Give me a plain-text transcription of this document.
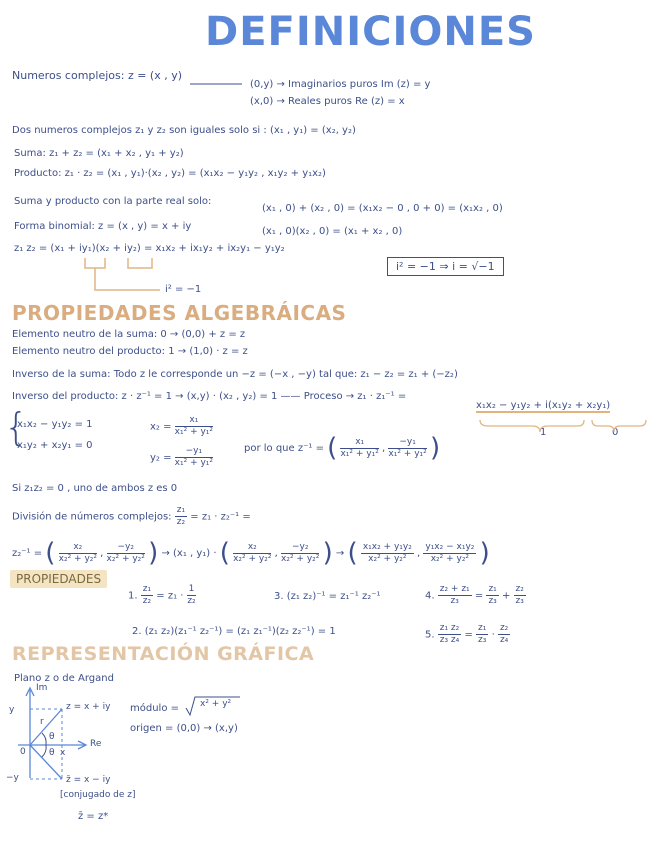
DEFINICIONES
Numeros complejos: z = (x , y)
(0,y) → Imaginarios puros Im (z) = y
(x,0) → Reales puros Re (z) = x
Dos numeros complejos z₁ y z₂ son iguales solo si : (x₁ , y₁) = (x₂, y₂)
Suma: z₁ + z₂ = (x₁ + x₂ , y₁ + y₂)
Producto: z₁ · z₂ = (x₁ , y₁)·(x₂ , y₂) = (x₁x₂ − y₁y₂ , x₁y₂ + y₁x₂)
Suma y producto con la parte real solo:
(x₁ , 0) + (x₂ , 0) = (x₁x₂ − 0 , 0 + 0) = (x₁x₂ , 0)
Forma binomial: z = (x , y) = x + iy	(x₁ , 0)(x₂ , 0) = (x₁ + x₂ , 0)
z₁ z₂ = (x₁ + iy₁)(x₂ + iy₂) = x₁x₂ + ix₁y₂ + ix₂y₁ − y₁y₂
i² = −1
i² = −1 ⇒ i = √−1
PROPIEDADES ALGEBRÁICAS
Elemento neutro de la suma: 0 → (0,0) + z = z
Elemento neutro del producto: 1 → (1,0) · z = z
Inverso de la suma: Todo z le corresponde un −z = (−x , −y) tal que: z₁ − z₂ = z₁ + (−z₂)
Inverso del producto: z · z⁻¹ = 1 → (x,y) · (x₂ , y₂) = 1 —— Proceso → z₁ · z₁⁻¹ =
x₁x₂ − y₁y₂ + i(x₁y₂ + x₂y₁)
1	0
{
x₁x₂ − y₁y₂ = 1
x₁y₂ + x₂y₁ = 0
$x_2 = \frac{\text{x₁}}{\text{x₁² + y₁²}}$
$y_2 = \frac{\text{−y₁}}{\text{x₁² + y₁²}}$	por lo que z⁻¹ = ( $\frac{\text{x₁}}{\text{x₁² + y₁²}}$ , $\frac{\text{−y₁}}{\text{x₁² + y₁²}}$ )
Si z₁z₂ = 0 , uno de ambos z es 0
División de números complejos: $\frac{\text{z₁}}{\text{z₂}} = z_1 \cdot z_2^{-1}$ =
z₂⁻¹ = ( $\frac{\text{x₂}}{\text{x₂² + y₂²}}$ , $\frac{\text{−y₂}}{\text{x₂² + y₂²}}$ ) → (x₁ , y₁) · ( $\frac{\text{x₂}}{\text{x₂² + y₂²}}$ , $\frac{\text{−y₂}}{\text{x₂² + y₂²}}$ ) → ( $\frac{\text{x₁x₂ + y₁y₂}}{\text{x₂² + y₂²}}$ , $\frac{\text{y₁x₂ − x₁y₂}}{\text{x₂² + y₂²}}$ )
PROPIEDADES
1. $\frac{\text{z₁}}{\text{z₂}} = z_1 \cdot \frac{1}{\text{z₂}}$	3. (z₁ z₂)⁻¹ = z₁⁻¹ z₂⁻¹	4. $\frac{\text{z₂ + z₁}}{\text{z₃}} = \frac{\text{z₁}}{\text{z₃}} + \frac{\text{z₂}}{\text{z₃}}$
2. (z₁ z₂)(z₁⁻¹ z₂⁻¹) = (z₁ z₁⁻¹)(z₂ z₂⁻¹) = 1	5. $\frac{\text{z₁ z₂}}{\text{z₃ z₄}} = \frac{\text{z₁}}{\text{z₃}} \cdot \frac{\text{z₂}}{\text{z₄}}$
REPRESENTACIÓN GRÁFICA
Plano z o de Argand
y
−y
0	x
Im
Re
r
θ
θ
z = x + iy
z̄ = x − iy
[conjugado de z]
z̄ = z*
módulo = x² + y²
origen = (0,0) → (x,y)
